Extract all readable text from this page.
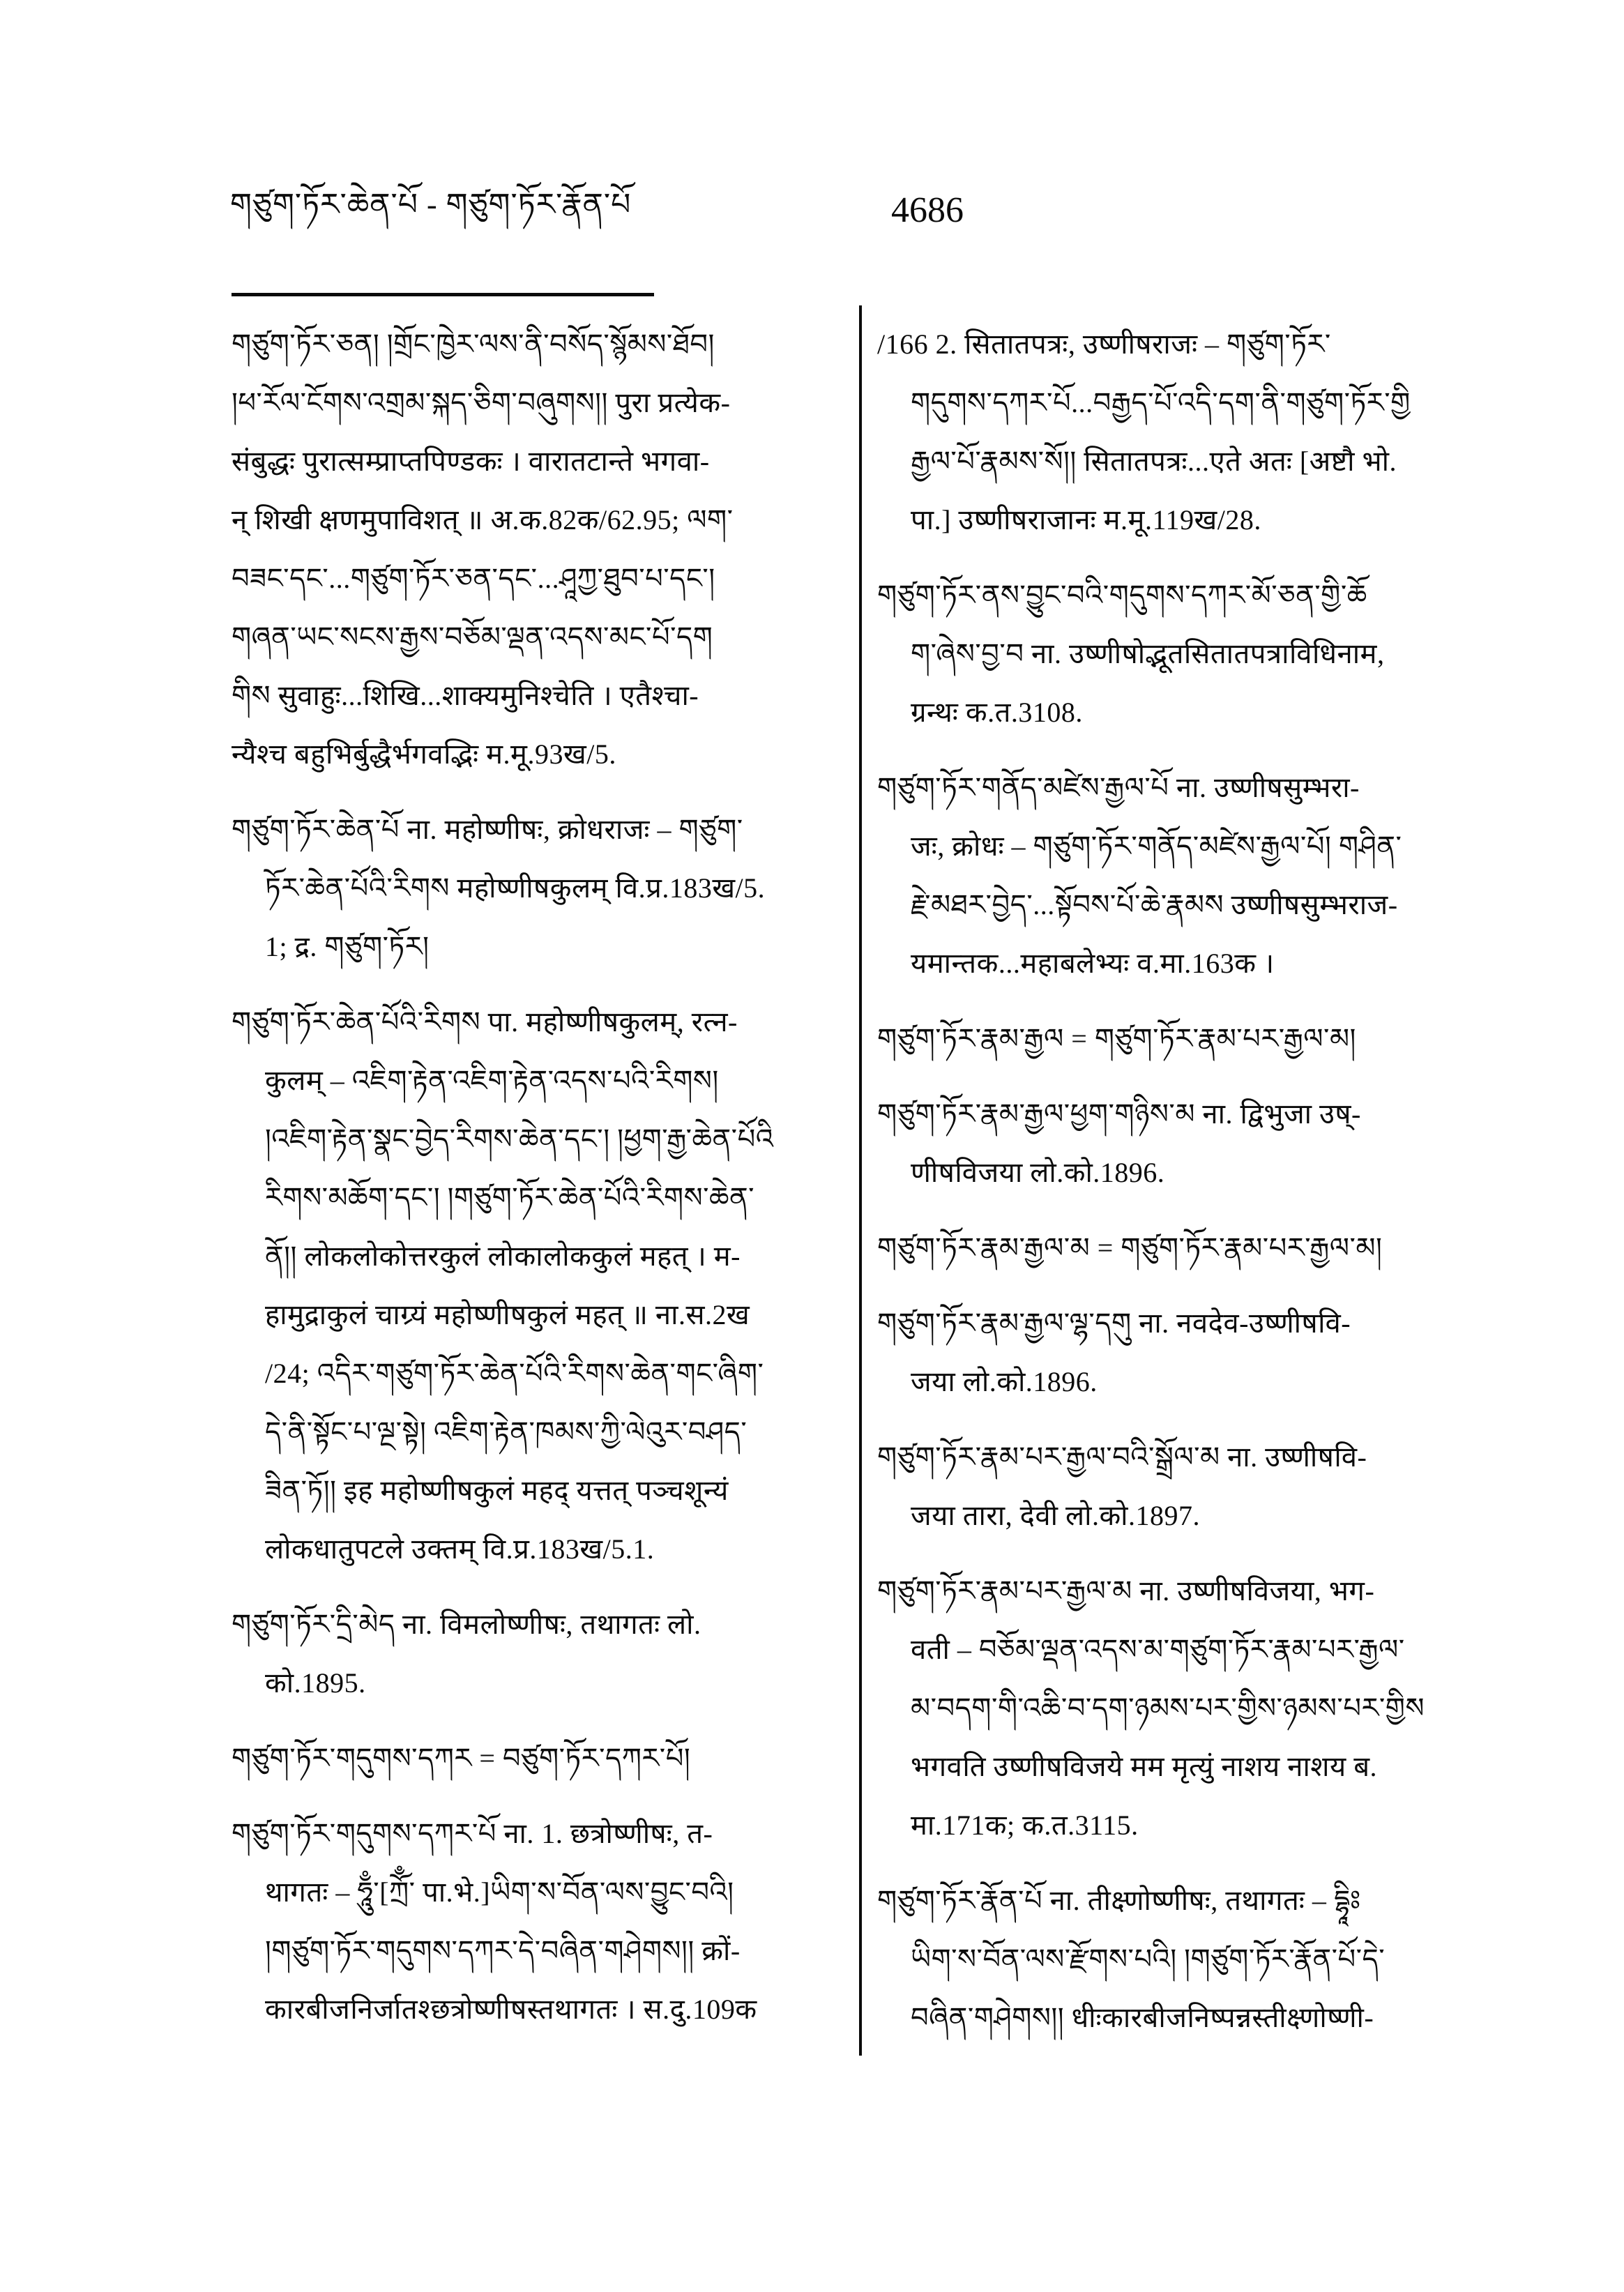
གཙུག་ཏོར་ཆེན་པོ - གཙུག་ཏོར་རྣོན་པོ	4686
གཙུག་ཏོར་ཅན། །གྲོང་ཁྱེར་ལས་ནི་བསོད་སྙོམས་ཐོབ།
།ཕ་རོལ་ངོགས་འགྲམ་སྐད་ཅིག་བཞུགས།། पुरा प्रत्येक-
संबुद्धः पुरात्सम्प्राप्तपिण्डकः । वारातटान्ते भगवा-
न् शिखी क्षणमुपाविशत् ॥ अ.क.82क/62.95; ལག་
བཟང་དང་...གཙུག་ཏོར་ཅན་དང་...ཤཱཀྱ་ཐུབ་པ་དང་།
གཞན་ཡང་སངས་རྒྱས་བཅོམ་ལྡན་འདས་མང་པོ་དག
གིས सुवाहुः...शिखि...शाक्यमुनिश्चेति । एतैश्चा-
न्यैश्च बहुभिर्बुद्धैर्भगवद्भिः म.मू.93ख/5.
གཙུག་ཏོར་ཆེན་པོ ना. महोष्णीषः, क्रोधराजः – གཙུག་
ཏོར་ཆེན་པོའི་རིགས महोष्णीषकुलम् वि.प्र.183ख/5.
1; द्र. གཙུག་ཏོར།
གཙུག་ཏོར་ཆེན་པོའི་རིགས पा. महोष्णीषकुलम्, रत्न-
कुलम् – འཇིག་རྟེན་འཇིག་རྟེན་འདས་པའི་རིགས།
།འཇིག་རྟེན་སྣང་བྱེད་རིགས་ཆེན་དང་། །ཕྱག་རྒྱ་ཆེན་པོའི
རིགས་མཆོག་དང་། །གཙུག་ཏོར་ཆེན་པོའི་རིགས་ཆེན་
ནོ།། लोकलोकोत्तरकुलं लोकालोककुलं महत् । म-
हामुद्राकुलं चाग्र्यं महोष्णीषकुलं महत् ॥ ना.स.2ख
/24; འདིར་གཙུག་ཏོར་ཆེན་པོའི་རིགས་ཆེན་གང་ཞིག་
དེ་ནི་སྟོང་པ་ལྔ་སྟེ། འཇིག་རྟེན་ཁམས་ཀྱི་ལེའུར་བཤད་
ཟིན་ཏོ།། इह महोष्णीषकुलं महद् यत्तत् पञ्चशून्यं
लोकधातुपटले उक्तम् वि.प्र.183ख/5.1.
གཙུག་ཏོར་དྲི་མེད ना. विमलोष्णीषः, तथागतः लो.
को.1895.
གཙུག་ཏོར་གདུགས་དཀར = བཙུག་ཏོར་དཀར་པོ།
གཙུག་ཏོར་གདུགས་དཀར་པོ ना. 1. छत्रोष्णीषः, त-
थागतः – ཧཱུྃ་[ཀྲོྃ་ पा.भे.]ཡིག་ས་བོན་ལས་བྱུང་བའི།
།གཙུག་ཏོར་གདུགས་དཀར་དེ་བཞིན་གཤེགས།། क्रों-
कारबीजनिर्जातश्छत्रोष्णीषस्तथागतः । स.दु.109क
/166 2. सितातपत्रः, उष्णीषराजः – གཙུག་ཏོར་
གདུགས་དཀར་པོ...བརྒྱད་པོ་འདི་དག་ནི་གཙུག་ཏོར་གྱི
རྒྱལ་པོ་རྣམས་སོ།། सितातपत्रः...एते अतः [अष्टौ भो.
पा.] उष्णीषराजानः म.मू.119ख/28.
གཙུག་ཏོར་ནས་བྱུང་བའི་གདུགས་དཀར་མོ་ཅན་གྱི་ཆོ
ག་ཞེས་བྱ་བ ना. उष्णीषोद्भूतसितातपत्राविधिनाम,
ग्रन्थः क.त.3108.
གཙུག་ཏོར་གནོད་མཛེས་རྒྱལ་པོ ना. उष्णीषसुम्भरा-
जः, क्रोधः – གཙུག་ཏོར་གནོད་མཛེས་རྒྱལ་པོ། གཤིན་
རྗེ་མཐར་བྱེད་...སྟོབས་པོ་ཆེ་རྣམས उष्णीषसुम्भराज-
यमान्तक...महाबलेभ्यः व.मा.163क ।
གཙུག་ཏོར་རྣམ་རྒྱལ = གཙུག་ཏོར་རྣམ་པར་རྒྱལ་མ།
གཙུག་ཏོར་རྣམ་རྒྱལ་ཕྱག་གཉིས་མ ना. द्विभुजा उष्-
णीषविजया लो.को.1896.
གཙུག་ཏོར་རྣམ་རྒྱལ་མ = གཙུག་ཏོར་རྣམ་པར་རྒྱལ་མ།
གཙུག་ཏོར་རྣམ་རྒྱལ་ལྷ་དགུ ना. नवदेव-उष्णीषवि-
जया लो.को.1896.
གཙུག་ཏོར་རྣམ་པར་རྒྱལ་བའི་སྒྲོལ་མ ना. उष्णीषवि-
जया तारा, देवी लो.को.1897.
གཙུག་ཏོར་རྣམ་པར་རྒྱལ་མ ना. उष्णीषविजया, भग-
वती – བཅོམ་ལྡན་འདས་མ་གཙུག་ཏོར་རྣམ་པར་རྒྱལ་
མ་བདག་གི་འཆི་བ་དག་ཉམས་པར་གྱིས་ཉམས་པར་གྱིས
भगवति उष्णीषविजये मम मृत्युं नाशय नाशय ब.
मा.171क; क.त.3115.
གཙུག་ཏོར་རྣོན་པོ ना. तीक्ष्णोष्णीषः, तथागतः – དྷཱིཿ
ཡིག་ས་བོན་ལས་རྫོགས་པའི། །གཙུག་ཏོར་རྣོན་པོ་དེ་
བཞིན་གཤེགས།། धीःकारबीजनिष्पन्नस्तीक्ष्णोष्णी-
